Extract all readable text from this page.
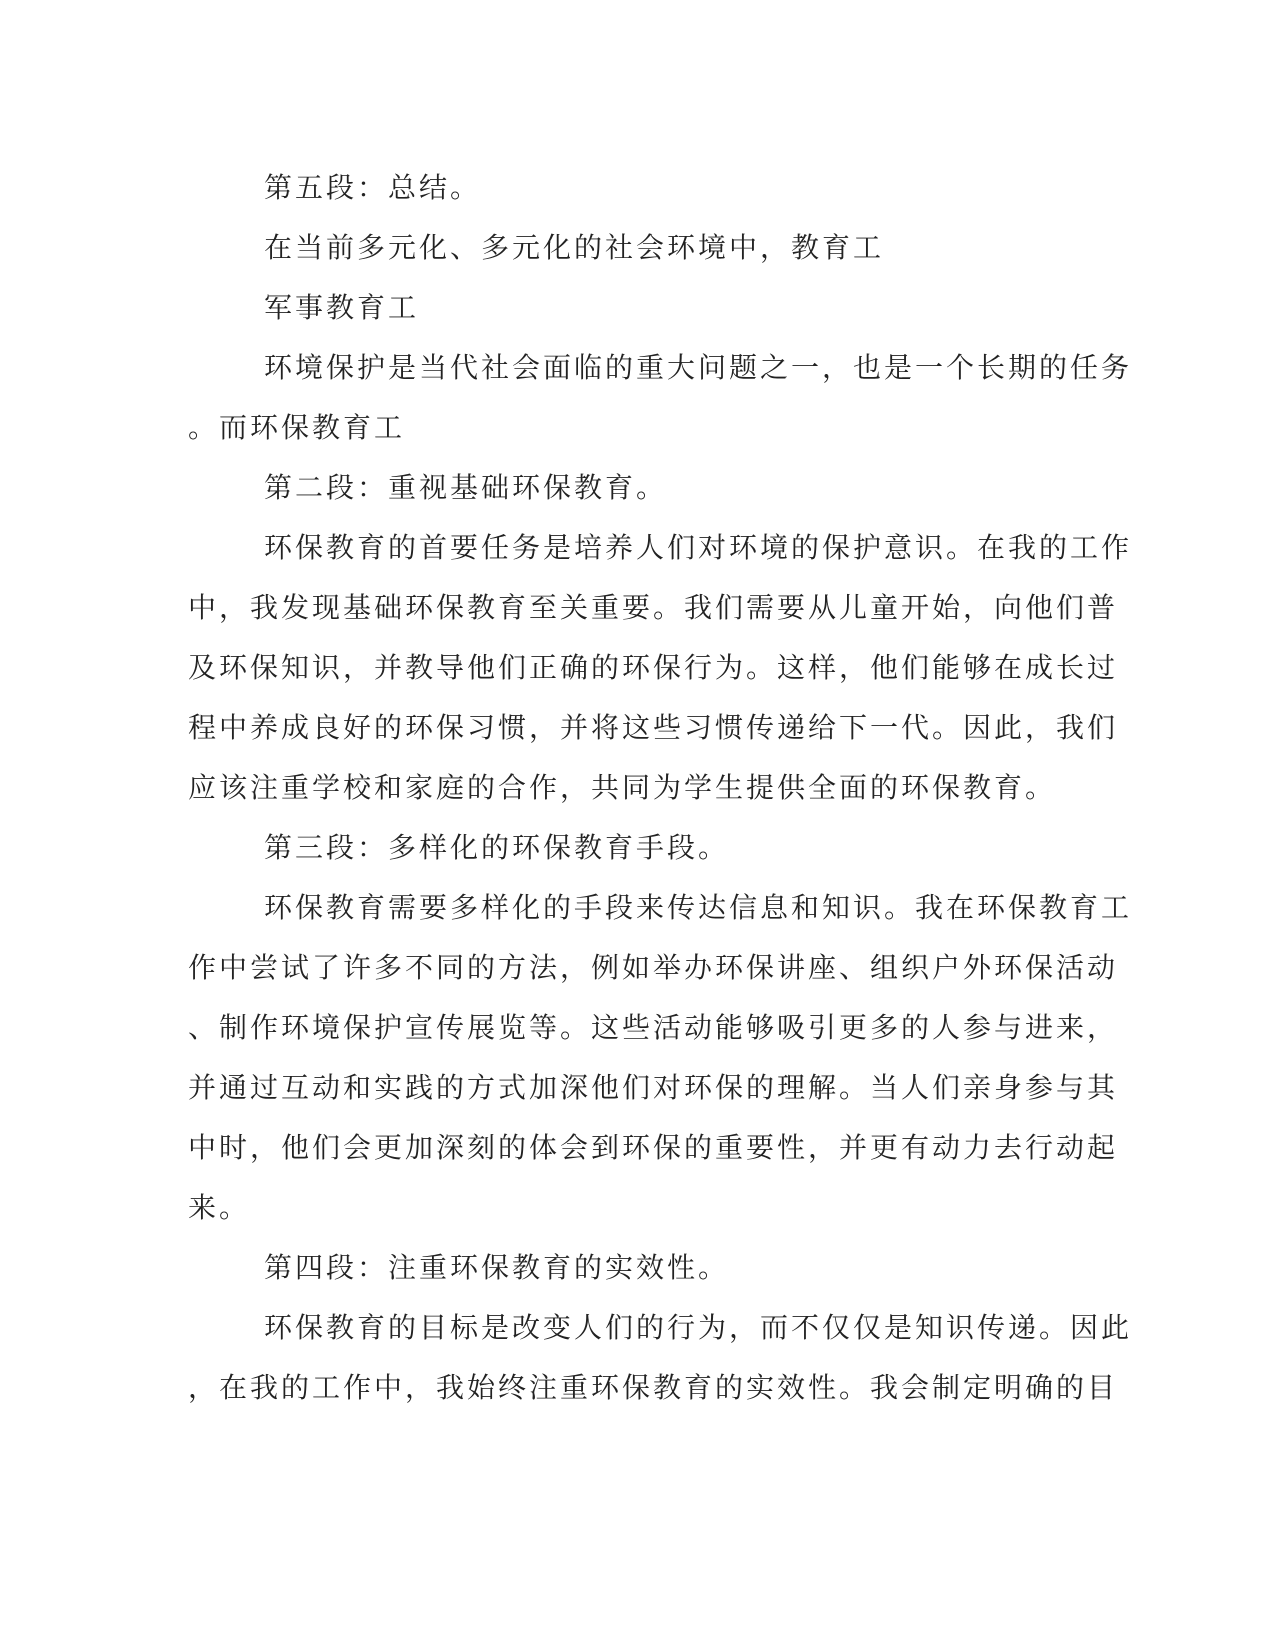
第五段：总结。
在当前多元化、多元化的社会环境中，教育工
军事教育工
环境保护是当代社会面临的重大问题之一，也是一个长期的任务
。而环保教育工
第二段：重视基础环保教育。
环保教育的首要任务是培养人们对环境的保护意识。在我的工作
中，我发现基础环保教育至关重要。我们需要从儿童开始，向他们普
及环保知识，并教导他们正确的环保行为。这样，他们能够在成长过
程中养成良好的环保习惯，并将这些习惯传递给下一代。因此，我们
应该注重学校和家庭的合作，共同为学生提供全面的环保教育。
第三段：多样化的环保教育手段。
环保教育需要多样化的手段来传达信息和知识。我在环保教育工
作中尝试了许多不同的方法，例如举办环保讲座、组织户外环保活动
、制作环境保护宣传展览等。这些活动能够吸引更多的人参与进来，
并通过互动和实践的方式加深他们对环保的理解。当人们亲身参与其
中时，他们会更加深刻的体会到环保的重要性，并更有动力去行动起
来。
第四段：注重环保教育的实效性。
环保教育的目标是改变人们的行为，而不仅仅是知识传递。因此
，在我的工作中，我始终注重环保教育的实效性。我会制定明确的目
